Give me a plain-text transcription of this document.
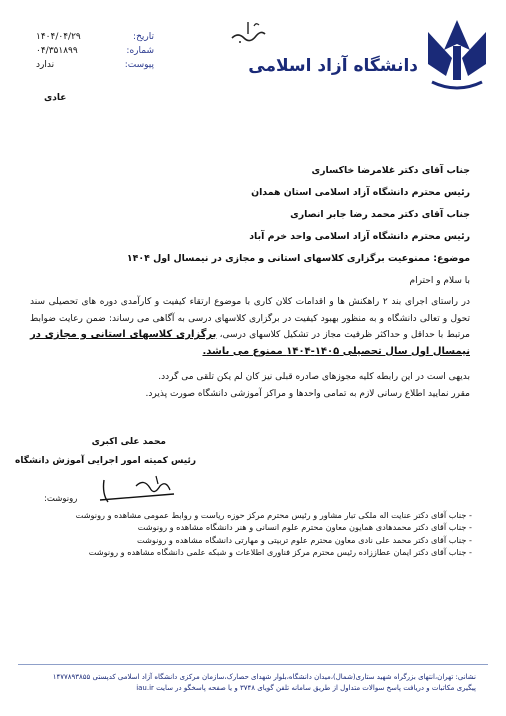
دانشگاه آزاد اسلامی
تاریخ:
۱۴۰۴/۰۴/۲۹
شماره:
۰۴/۳۵۱۸۹۹
پیوست:
ندارد
عادی
جناب آقای دکتر غلامرضا خاکساری
رئیس محترم دانشگاه آزاد اسلامی استان همدان
جناب آقای دکتر محمد رضا جابر انصاری
رئیس محترم دانشگاه آزاد اسلامی واحد خرم آباد
موضوع: ممنوعیت برگزاری کلاسهای استانی و مجازی در نیمسال اول ۱۴۰۴
با سلام و احترام
در راستای اجرای بند ۲ راهکنش ها و اقدامات کلان کاری با موضوع ارتقاء کیفیت و کارآمدی دوره های تحصیلی سند تحول و تعالی دانشگاه و به منظور بهبود کیفیت در برگزاری کلاسهای درسی به آگاهی می رساند: ضمن رعایت ضوابط مرتبط با حداقل و حداکثر ظرفیت مجاز در تشکیل کلاسهای درسی، برگزاری کلاسهای استانی و مجازی در نیمسال اول سال تحصیلی ۱۴۰۵-۱۴۰۴ ممنوع می باشد.
بدیهی است در این رابطه کلیه مجوزهای صادره قبلی نیز کان لم یکن تلقی می گردد.
مقرر نمایید اطلاع رسانی لازم به تمامی واحدها و مراکز آموزشی دانشگاه صورت پذیرد.
محمد علی اکبری
رئیس کمیته امور اجرایی آموزش دانشگاه
رونوشت:
- جناب آقای دکتر عنایت اله ملکی تبار مشاور و رئیس محترم مرکز حوزه ریاست و روابط عمومی مشاهده و رونوشت
- جناب آقای دکتر محمدهادی همایون معاون محترم علوم انسانی و هنر دانشگاه مشاهده و رونوشت
- جناب آقای دکتر محمد علی نادی معاون محترم علوم تربیتی و مهارتی دانشگاه مشاهده و رونوشت
- جناب آقای دکتر ایمان عطاززاده رئیس محترم مرکز فناوری اطلاعات و شبکه علمی دانشگاه مشاهده و رونوشت
نشانی: تهران،انتهای بزرگراه شهید ستاری(شمال)،میدان دانشگاه،بلوار شهدای حصارک،سازمان مرکزی دانشگاه آزاد اسلامی کدپستی ۱۴۷۷۸۹۳۸۵۵
پیگیری مکاتبات و دریافت پاسخ سوالات متداول از طریق سامانه تلفن گویای ۳۷۴۸ و یا صفحه پاسخگو در سایت iau.ir
